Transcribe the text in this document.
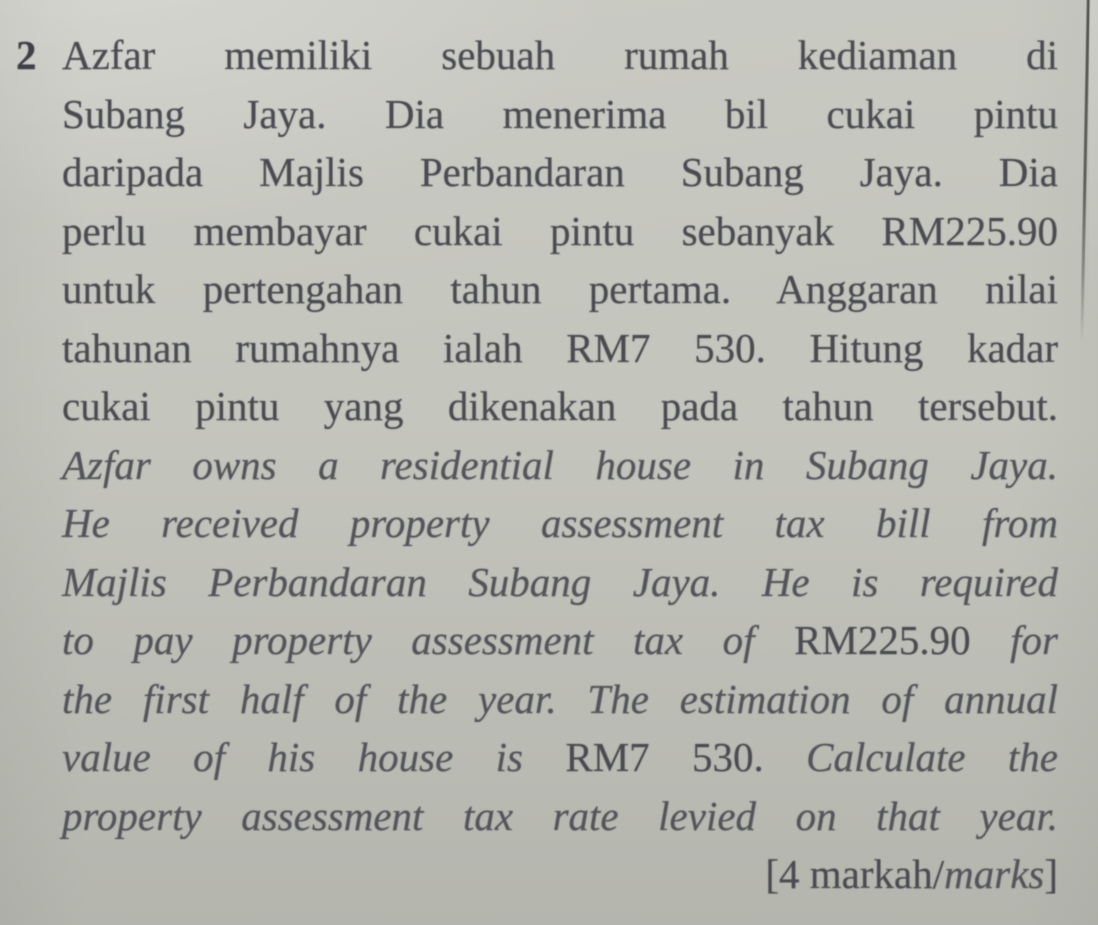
2 Azfar memiliki sebuah rumah kediaman di
Subang Jaya. Dia menerima bil cukai pintu
daripada Majlis Perbandaran Subang Jaya. Dia
perlu membayar cukai pintu sebanyak RM225.90
untuk pertengahan tahun pertama. Anggaran nilai
tahunan rumahnya ialah RM7 530. Hitung kadar
cukai pintu yang dikenakan pada tahun tersebut.
Azfar owns a residential house in Subang Jaya.
He received property assessment tax bill from
Majlis Perbandaran Subang Jaya. He is required
to pay property assessment tax of RM225.90 for
the first half of the year. The estimation of annual
value of his house is RM7 530. Calculate the
property assessment tax rate levied on that year.
[4 markah/marks]
